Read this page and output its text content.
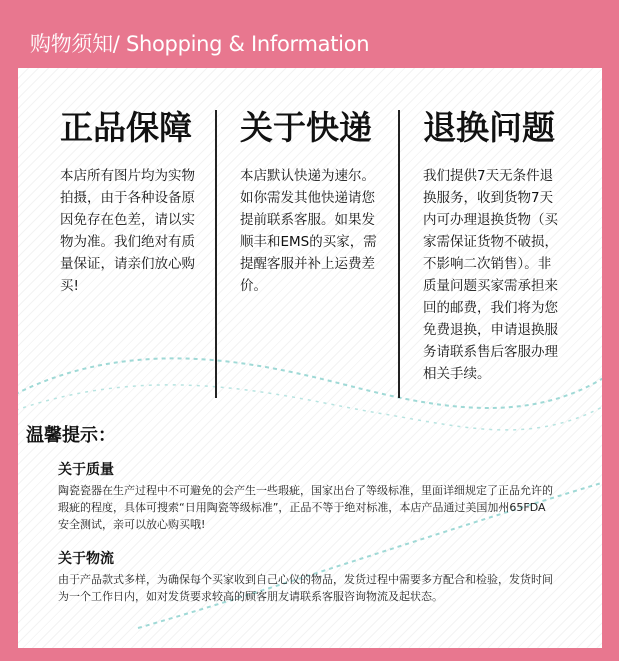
购物须知/ Shopping & Information
正品保障
本店所有图片均为实物
拍摄，由于各种设备原
因免存在色差，请以实
物为准。我们绝对有质
量保证，请亲们放心购
买!
关于快递
本店默认快递为速尔。
如你需发其他快递请您
提前联系客服。如果发
顺丰和EMS的买家，需
提醒客服并补上运费差
价。
退换问题
我们提供7天无条件退
换服务，收到货物7天
内可办理退换货物（买
家需保证货物不破损，
不影响二次销售）。非
质量问题买家需承担来
回的邮费，我们将为您
免费退换，申请退换服
务请联系售后客服办理
相关手续。
温馨提示：
关于质量
陶瓷瓷器在生产过程中不可避免的会产生一些瑕疵，国家出台了等级标准，里面详细规定了正品允许的
瑕疵的程度，具体可搜索“日用陶瓷等级标准”，正品不等于绝对标准，本店产品通过美国加州65FDA
安全测试，亲可以放心购买哦!
关于物流
由于产品款式多样，为确保每个买家收到自己心仪的物品，发货过程中需要多方配合和检验，发货时间
为一个工作日内，如对发货要求较高的顾客朋友请联系客服咨询物流及起状态。
